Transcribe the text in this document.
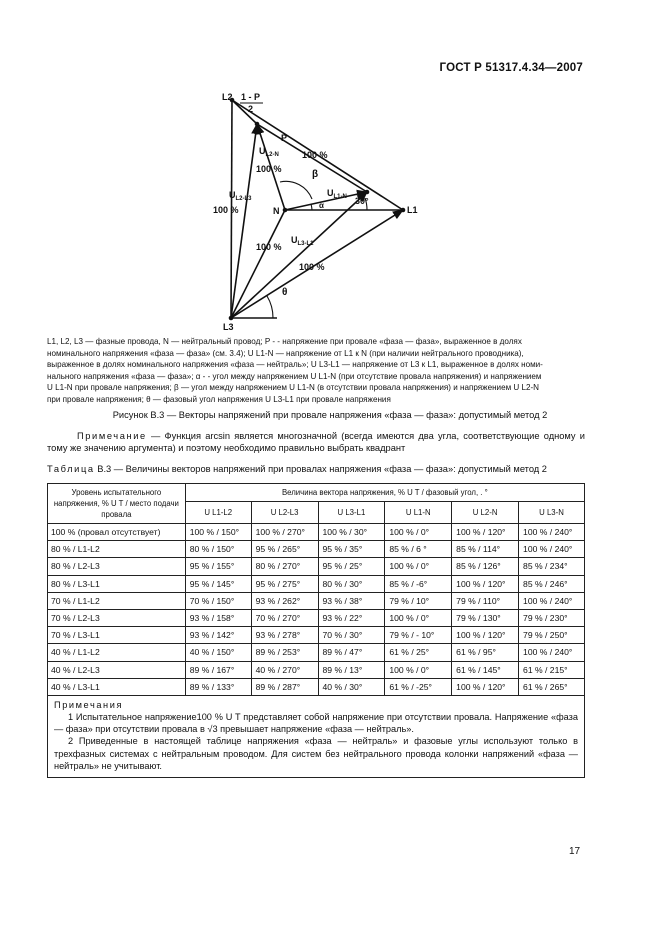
ГОСТ Р 51317.4.34—2007
L2 1 - P
2
P
100 %
100 %
100 %
100 %
100 %
$U_{L2-N}$
$U_{L2-L3}$
$U_{L1-N}$
$U_{L3-L1}$
β
α	30°
θ
N	L1
L3
L1, L2, L3 — фазные провода, N — нейтральный провод; P - - напряжение при провале «фаза — фаза», выраженное в долях
номинального напряжения «фаза — фаза» (см. 3.4); U L1-N — напряжение от L1 к N (при наличии нейтрального проводника),
выраженное в долях номинального напряжения «фаза — нейтраль»; U L3-L1 — напряжение от L3 к L1, выраженное в долях номи-
нального напряжения «фаза — фаза»; α - - угол между напряжением U L1-N (при отсутствие провала напряжения) и напряжением
U L1-N при провале напряжения; β — угол между напряжением U L1-N (в отсутствии провала напряжения) и напряжением U L2-N
при провале напряжения; θ — фазовый угол напряжения U L3-L1 при провале напряжения
Рисунок В.3 — Векторы напряжений при провале напряжения «фаза — фаза»: допустимый метод 2
Примечание — Функция arcsin является многозначной (всегда имеются два угла, соответствующие одному и тому же значению аргумента) и поэтому необходимо правильно выбрать квадрант
Таблица В.3 — Величины векторов напряжений при провалах напряжения «фаза — фаза»: допустимый метод 2
Уровень испытательного напряжения, % U T / место подачи провала	Величина вектора напряжения, % U T / фазовый угол, . °					
	U L1-L2	U L2-L3	U L3-L1	U L1-N	U L2-N	U L3-N
100 % (провал отсутствует)	100 % / 150°	100 % / 270°	100 % / 30°	100 % / 0°	100 % / 120°	100 % / 240°
80 % / L1-L2	80 % / 150°	95 % / 265°	95 % / 35°	85 % / 6 °	85 % / 114°	100 % / 240°
80 % / L2-L3	95 % / 155°	80 % / 270°	95 % / 25°	100 % / 0°	85 % / 126°	85 % / 234°
80 % / L3-L1	95 % / 145°	95 % / 275°	80 % / 30°	85 % / -6°	100 % / 120°	85 % / 246°
70 % / L1-L2	70 % / 150°	93 % / 262°	93 % / 38°	79 % / 10°	79 % / 110°	100 % / 240°
70 % / L2-L3	93 % / 158°	70 % / 270°	93 % / 22°	100 % / 0°	79 % / 130°	79 % / 230°
70 % / L3-L1	93 % / 142°	93 % / 278°	70 % / 30°	79 % / - 10°	100 % / 120°	79 % / 250°
40 % / L1-L2	40 % / 150°	89 % / 253°	89 % / 47°	61 % / 25°	61 % / 95°	100 % / 240°
40 % / L2-L3	89 % / 167°	40 % / 270°	89 % / 13°	100 % / 0°	61 % / 145°	61 % / 215°
40 % / L3-L1	89 % / 133°	89 % / 287°	40 % / 30°	61 % / -25°	100 % / 120°	61 % / 265°

Примечания

1 Испытательное напряжение100 % U T представляет собой напряжение при отсутствии провала. Напряжение «фаза — фаза» при отсутствии провала в √3 превышает напряжение «фаза — нейтраль».

2 Приведенные в настоящей таблице напряжения «фаза — нейтраль» и фазовые углы используют только в трехфазных системах с нейтральным проводом. Для систем без нейтрального провода колонки напряжений «фаза — нейтраль» не учитывают.						

17
